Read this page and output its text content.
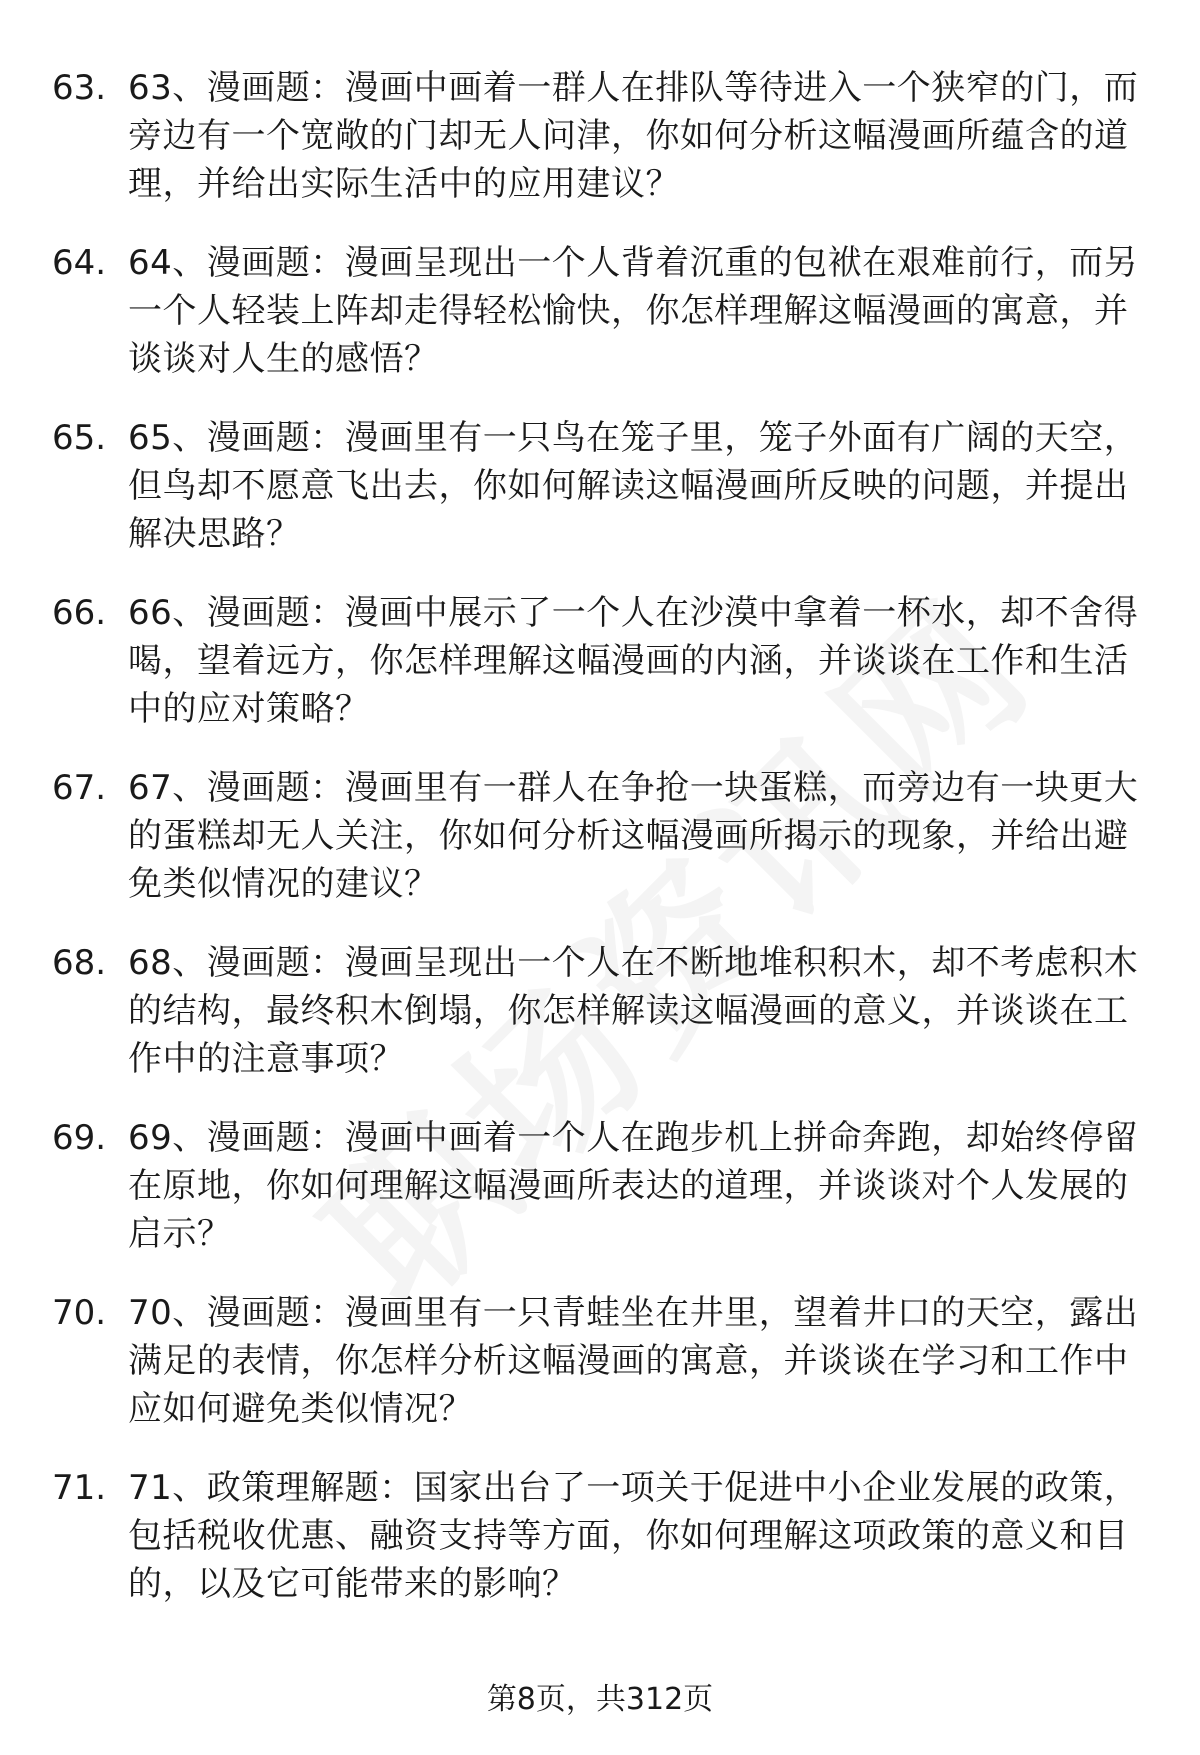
63. 63、漫画题：漫画中画着一群人在排队等待进入一个狭窄的门，而旁边有一个宽敞的门却无人问津，你如何分析这幅漫画所蕴含的道理，并给出实际生活中的应用建议？
64. 64、漫画题：漫画呈现出一个人背着沉重的包袱在艰难前行，而另一个人轻装上阵却走得轻松愉快，你怎样理解这幅漫画的寓意，并谈谈对人生的感悟？
65. 65、漫画题：漫画里有一只鸟在笼子里，笼子外面有广阔的天空，但鸟却不愿意飞出去，你如何解读这幅漫画所反映的问题，并提出解决思路？
66. 66、漫画题：漫画中展示了一个人在沙漠中拿着一杯水，却不舍得喝，望着远方，你怎样理解这幅漫画的内涵，并谈谈在工作和生活中的应对策略？
67. 67、漫画题：漫画里有一群人在争抢一块蛋糕，而旁边有一块更大的蛋糕却无人关注，你如何分析这幅漫画所揭示的现象，并给出避免类似情况的建议？
68. 68、漫画题：漫画呈现出一个人在不断地堆积积木，却不考虑积木的结构，最终积木倒塌，你怎样解读这幅漫画的意义，并谈谈在工作中的注意事项？
69. 69、漫画题：漫画中画着一个人在跑步机上拼命奔跑，却始终停留在原地，你如何理解这幅漫画所表达的道理，并谈谈对个人发展的启示？
70. 70、漫画题：漫画里有一只青蛙坐在井里，望着井口的天空，露出满足的表情，你怎样分析这幅漫画的寓意，并谈谈在学习和工作中应如何避免类似情况？
71. 71、政策理解题：国家出台了一项关于促进中小企业发展的政策，包括税收优惠、融资支持等方面，你如何理解这项政策的意义和目的，以及它可能带来的影响？
第8页，共312页
